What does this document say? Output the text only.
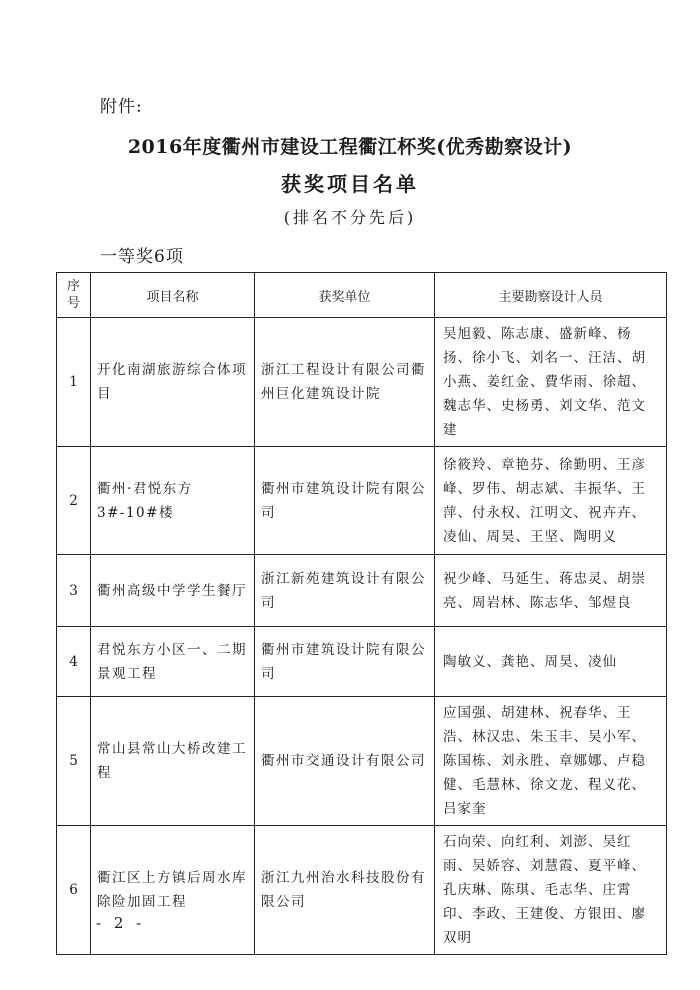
附件:
2016年度衢州市建设工程衢江杯奖(优秀勘察设计)
获奖项目名单
(排名不分先后)
一等奖6项
序
号	项目名称	获奖单位	主要勘察设计人员
1	开化南湖旅游综合体项目	浙江工程设计有限公司衢州巨化建筑设计院	吴旭毅、陈志康、盛新峰、杨扬、徐小飞、刘名一、汪洁、胡小燕、姜红金、費华雨、徐超、魏志华、史杨勇、刘文华、范文建
2	衢州·君悦东方 3#-10#楼	衢州市建筑设计院有限公司	徐筱羚、章艳芬、徐勤明、王彦峰、罗伟、胡志斌、丰振华、王萍、付永权、江明文、祝卉卉、凌仙、周昊、王坚、陶明义
3	衢州高级中学学生餐厅	浙江新苑建筑设计有限公司	祝少峰、马延生、蒋忠灵、胡崇亮、周岩林、陈志华、邹煜良
4	君悦东方小区一、二期景观工程	衢州市建筑设计院有限公司	陶敏义、龚艳、周昊、凌仙
5	常山县常山大桥改建工程	衢州市交通设计有限公司	应国强、胡建林、祝春华、王浩、林汉忠、朱玉丰、吴小军、陈国栋、刘永胜、章娜娜、卢稳健、毛慧林、徐文龙、程义花、吕家奎
6	衢江区上方镇后周水库除险加固工程	浙江九州治水科技股份有限公司	石向荣、向红利、刘澎、吴红雨、吴娇容、刘慧霞、夏平峰、孔庆琳、陈琪、毛志华、庄霄印、李政、王建俊、方银田、廖双明
- 2 -
